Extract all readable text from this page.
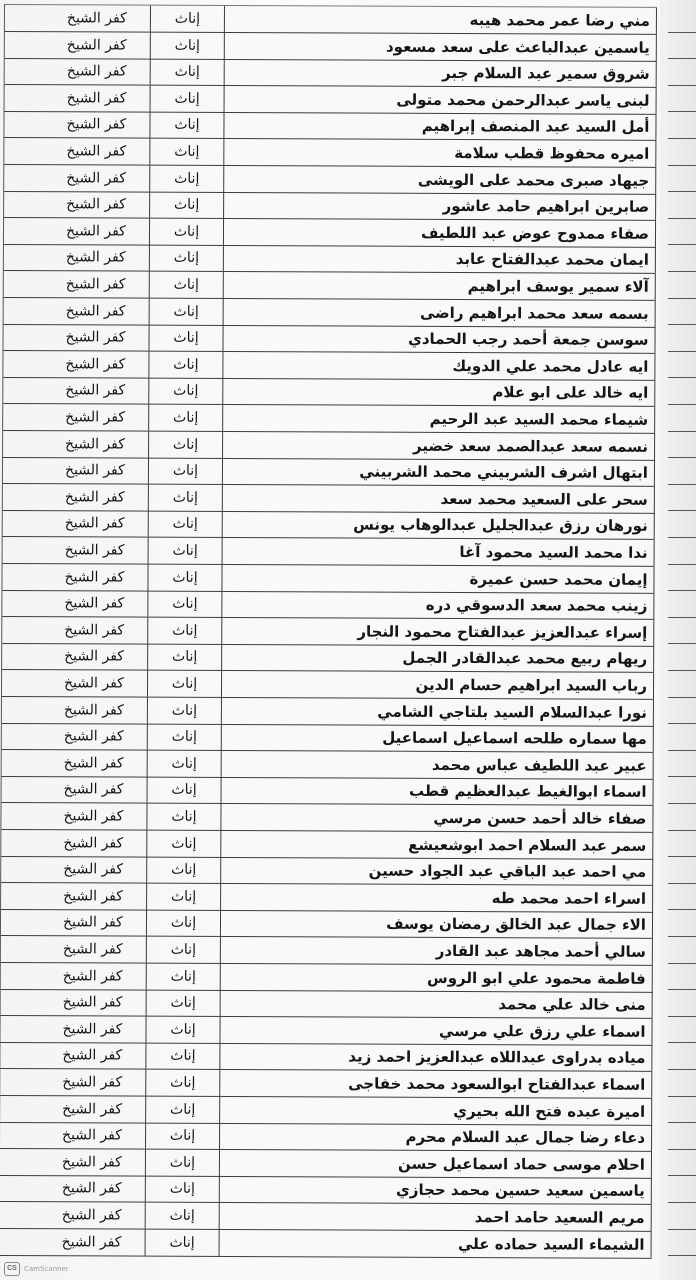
كفر الشيخ	إناث	مني رضا عمر محمد هيبه
كفر الشيخ	إناث	ياسمين عبدالباعث على سعد مسعود
كفر الشيخ	إناث	شروق سمير عبد السلام جبر
كفر الشيخ	إناث	لبنى ياسر عبدالرحمن محمد متولى
كفر الشيخ	إناث	أمل السيد عبد المنصف إبراهيم
كفر الشيخ	إناث	اميره محفوظ قطب سلامة
كفر الشيخ	إناث	جيهاد صبرى محمد على الويشى
كفر الشيخ	إناث	صابرين ابراهيم حامد عاشور
كفر الشيخ	إناث	صفاء ممدوح عوض عبد اللطيف
كفر الشيخ	إناث	ايمان محمد عبدالفتاح عابد
كفر الشيخ	إناث	آلاء سمير يوسف ابراهيم
كفر الشيخ	إناث	بسمه سعد محمد ابراهيم راضى
كفر الشيخ	إناث	سوسن جمعة أحمد رجب الحمادي
كفر الشيخ	إناث	ايه عادل محمد علي الدويك
كفر الشيخ	إناث	ايه خالد على ابو علام
كفر الشيخ	إناث	شيماء محمد السيد عبد الرحيم
كفر الشيخ	إناث	نسمه سعد عبدالصمد سعد خضير
كفر الشيخ	إناث	ابتهال اشرف الشربيني محمد الشربيني
كفر الشيخ	إناث	سحر على السعيد محمد سعد
كفر الشيخ	إناث	نورهان رزق عبدالجليل عبدالوهاب يونس
كفر الشيخ	إناث	ندا محمد السيد محمود آغا
كفر الشيخ	إناث	إيمان محمد حسن عميرة
كفر الشيخ	إناث	زينب محمد سعد الدسوقي دره
كفر الشيخ	إناث	إسراء عبدالعزيز عبدالفتاح محمود النجار
كفر الشيخ	إناث	ريهام ربيع محمد عبدالقادر الجمل
كفر الشيخ	إناث	رباب السيد ابراهيم حسام الدين
كفر الشيخ	إناث	نورا عبدالسلام السيد بلتاجي الشامي
كفر الشيخ	إناث	مها سماره طلحه اسماعيل اسماعيل
كفر الشيخ	إناث	عبير عبد اللطيف عباس محمد
كفر الشيخ	إناث	اسماء ابوالغيط عبدالعظيم قطب
كفر الشيخ	إناث	صفاء خالد أحمد حسن مرسي
كفر الشيخ	إناث	سمر عبد السلام احمد ابوشعيشع
كفر الشيخ	إناث	مي احمد عبد الباقي عبد الجواد حسين
كفر الشيخ	إناث	اسراء احمد محمد طه
كفر الشيخ	إناث	الاء جمال عبد الخالق رمضان يوسف
كفر الشيخ	إناث	سالي أحمد مجاهد عبد القادر
كفر الشيخ	إناث	فاطمة محمود علي ابو الروس
كفر الشيخ	إناث	منى خالد علي محمد
كفر الشيخ	إناث	اسماء علي رزق علي مرسي
كفر الشيخ	إناث	مياده بدراوى عبداللاه عبدالعزيز احمد زيد
كفر الشيخ	إناث	اسماء عبدالفتاح ابوالسعود محمد خفاجى
كفر الشيخ	إناث	اميرة عبده فتح الله بحيري
كفر الشيخ	إناث	دعاء رضا جمال عبد السلام محرم
كفر الشيخ	إناث	احلام موسى حماد اسماعيل حسن
كفر الشيخ	إناث	ياسمين سعيد حسين محمد حجازي
كفر الشيخ	إناث	مريم السعيد حامد احمد
كفر الشيخ	إناث	الشيماء السيد حماده علي
CS	CamScanner
